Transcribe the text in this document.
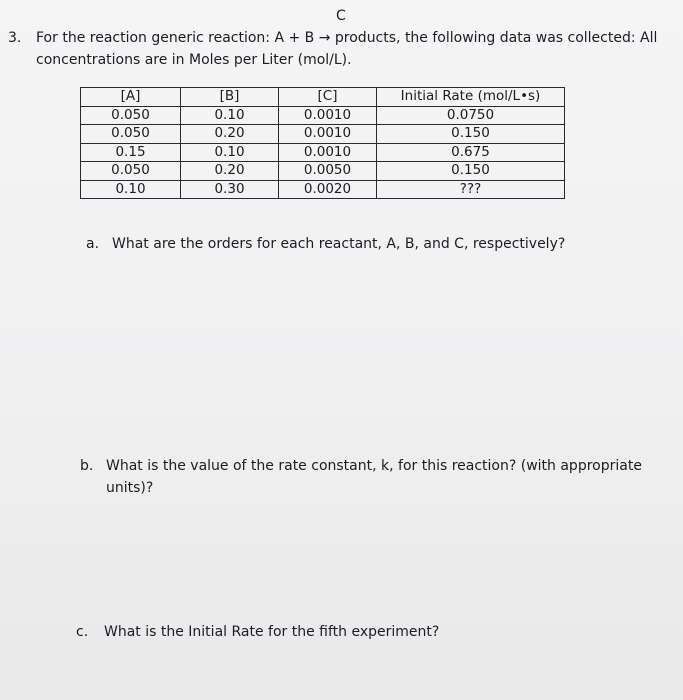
C
3. For the reaction generic reaction: A + B → products, the following data was collected: All
concentrations are in Moles per Liter (mol/L).
[A]	[B]	[C]	Initial Rate (mol/L•s)
0.050	0.10	0.0010	0.0750
0.050	0.20	0.0010	0.150
0.15	0.10	0.0010	0.675
0.050	0.20	0.0050	0.150
0.10	0.30	0.0020	???
a. What are the orders for each reactant, A, B, and C, respectively?
b. What is the value of the rate constant, k, for this reaction? (with appropriate
units)?
c. What is the Initial Rate for the fifth experiment?
